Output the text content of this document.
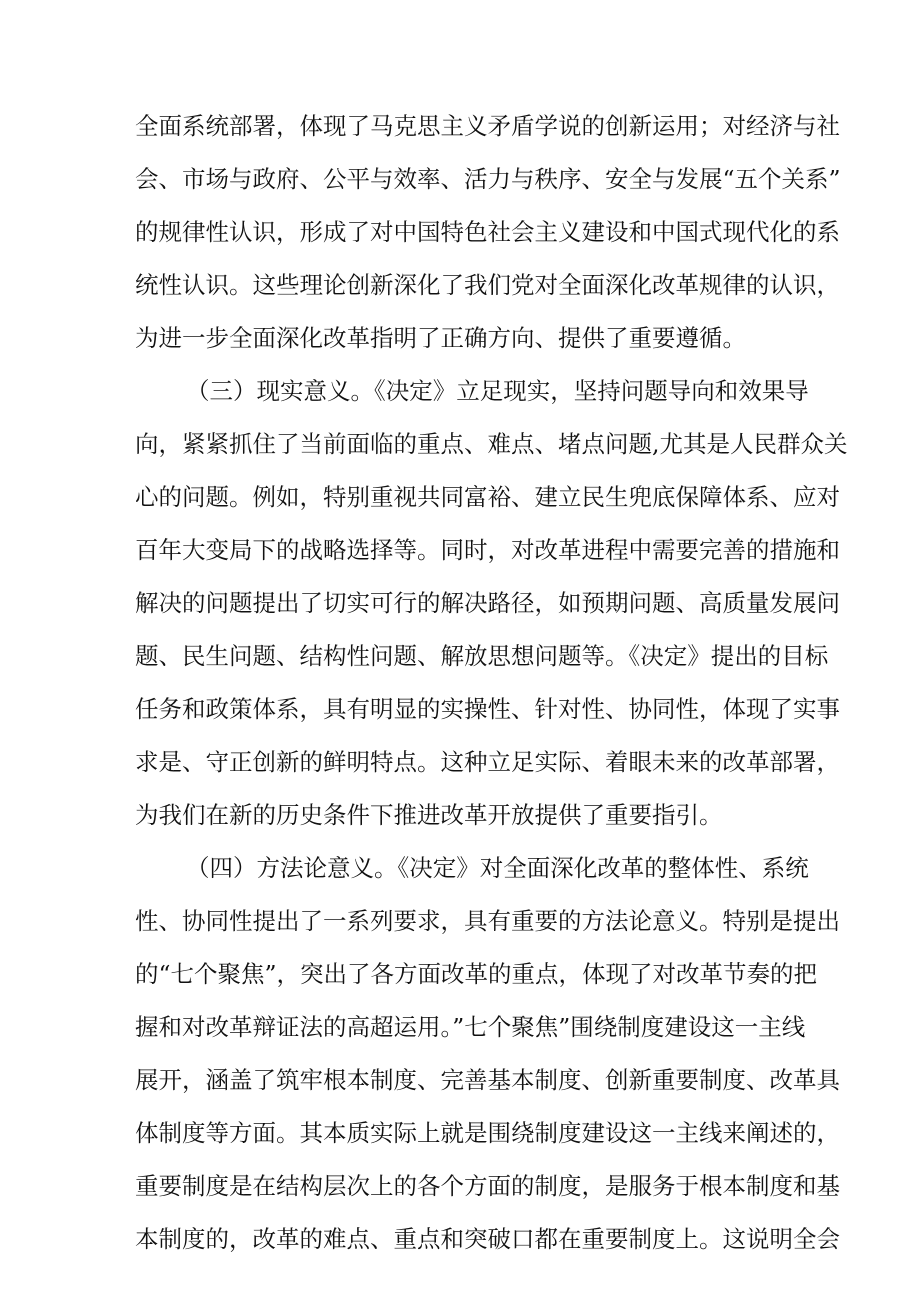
全面系统部署，体现了马克思主义矛盾学说的创新运用；对经济与社
会、市场与政府、公平与效率、活力与秩序、安全与发展“五个关系”
的规律性认识，形成了对中国特色社会主义建设和中国式现代化的系
统性认识。这些理论创新深化了我们党对全面深化改革规律的认识，
为进一步全面深化改革指明了正确方向、提供了重要遵循。
（三）现实意义。《决定》立足现实，坚持问题导向和效果导
向，紧紧抓住了当前面临的重点、难点、堵点问题,尤其是人民群众关
心的问题。例如，特别重视共同富裕、建立民生兜底保障体系、应对
百年大变局下的战略选择等。同时，对改革进程中需要完善的措施和
解决的问题提出了切实可行的解决路径，如预期问题、高质量发展问
题、民生问题、结构性问题、解放思想问题等。《决定》提出的目标
任务和政策体系，具有明显的实操性、针对性、协同性，体现了实事
求是、守正创新的鲜明特点。这种立足实际、着眼未来的改革部署，
为我们在新的历史条件下推进改革开放提供了重要指引。
（四）方法论意义。《决定》对全面深化改革的整体性、系统
性、协同性提出了一系列要求，具有重要的方法论意义。特别是提出
的“七个聚焦”，突出了各方面改革的重点，体现了对改革节奏的把
握和对改革辩证法的高超运用。”七个聚焦”围绕制度建设这一主线
展开，涵盖了筑牢根本制度、完善基本制度、创新重要制度、改革具
体制度等方面。其本质实际上就是围绕制度建设这一主线来阐述的，
重要制度是在结构层次上的各个方面的制度，是服务于根本制度和基
本制度的，改革的难点、重点和突破口都在重要制度上。这说明全会
